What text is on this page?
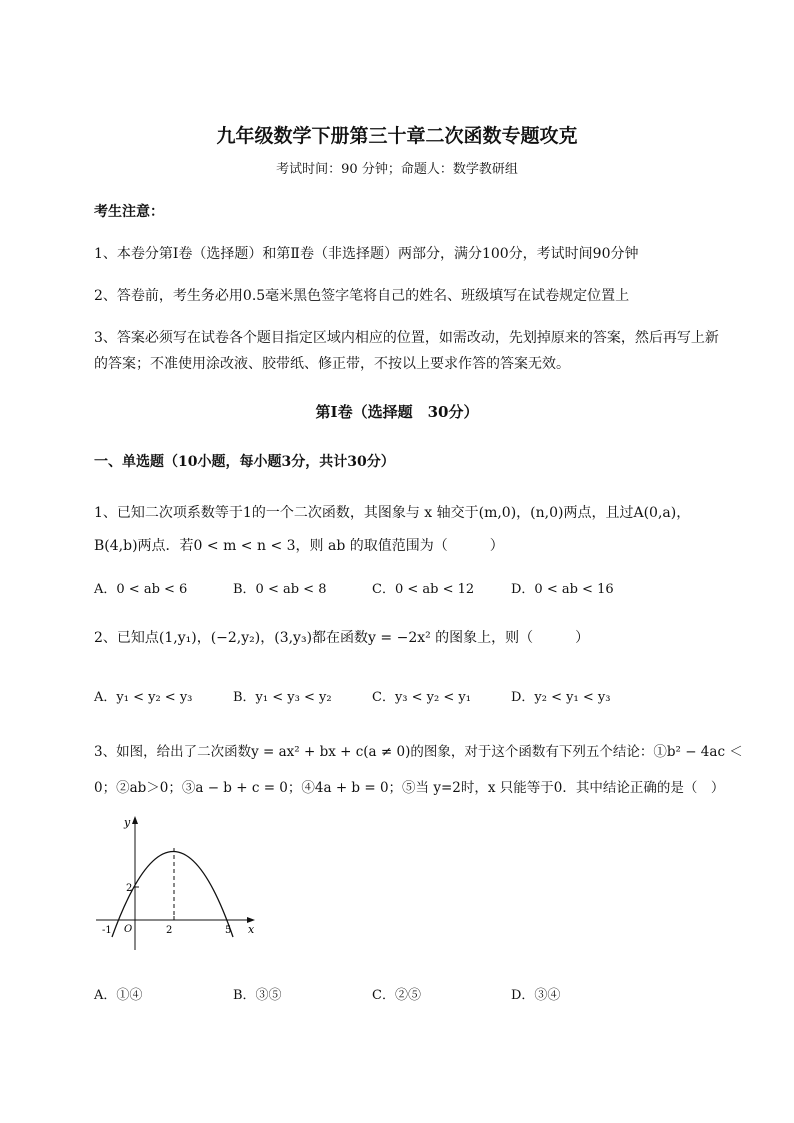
九年级数学下册第三十章二次函数专题攻克
考试时间：90 分钟；命题人：数学教研组
考生注意：
1、本卷分第Ⅰ卷（选择题）和第Ⅱ卷（非选择题）两部分，满分100分，考试时间90分钟
2、答卷前，考生务必用0.5毫米黑色签字笔将自己的姓名、班级填写在试卷规定位置上
3、答案必须写在试卷各个题目指定区域内相应的位置，如需改动，先划掉原来的答案，然后再写上新
的答案；不准使用涂改液、胶带纸、修正带，不按以上要求作答的答案无效。
第Ⅰ卷（选择题　30分）
一、单选题（10小题，每小题3分，共计30分）
1、已知二次项系数等于1的一个二次函数，其图象与 x 轴交于(m,0)，(n,0)两点，且过A(0,a)，
B(4,b)两点．若0 < m < n < 3，则 ab 的取值范围为（　　　）
A．0 < ab < 6	B．0 < ab < 8	C．0 < ab < 12	D．0 < ab < 16
2、已知点(1,y₁)，(−2,y₂)，(3,y₃)都在函数y = −2x² 的图象上，则（　　　）
A．y₁ < y₂ < y₃	B．y₁ < y₃ < y₂	C．y₃ < y₂ < y₁	D．y₂ < y₁ < y₃
3、如图，给出了二次函数y = ax² + bx + c(a ≠ 0)的图象，对于这个函数有下列五个结论：①b² − 4ac ＜
0；②ab＞0；③a − b + c = 0；④4a + b = 0；⑤当 y=2时，x 只能等于0．其中结论正确的是（　）
y
x
O
-1	2	5
2
A．①④	B．③⑤	C．②⑤	D．③④
